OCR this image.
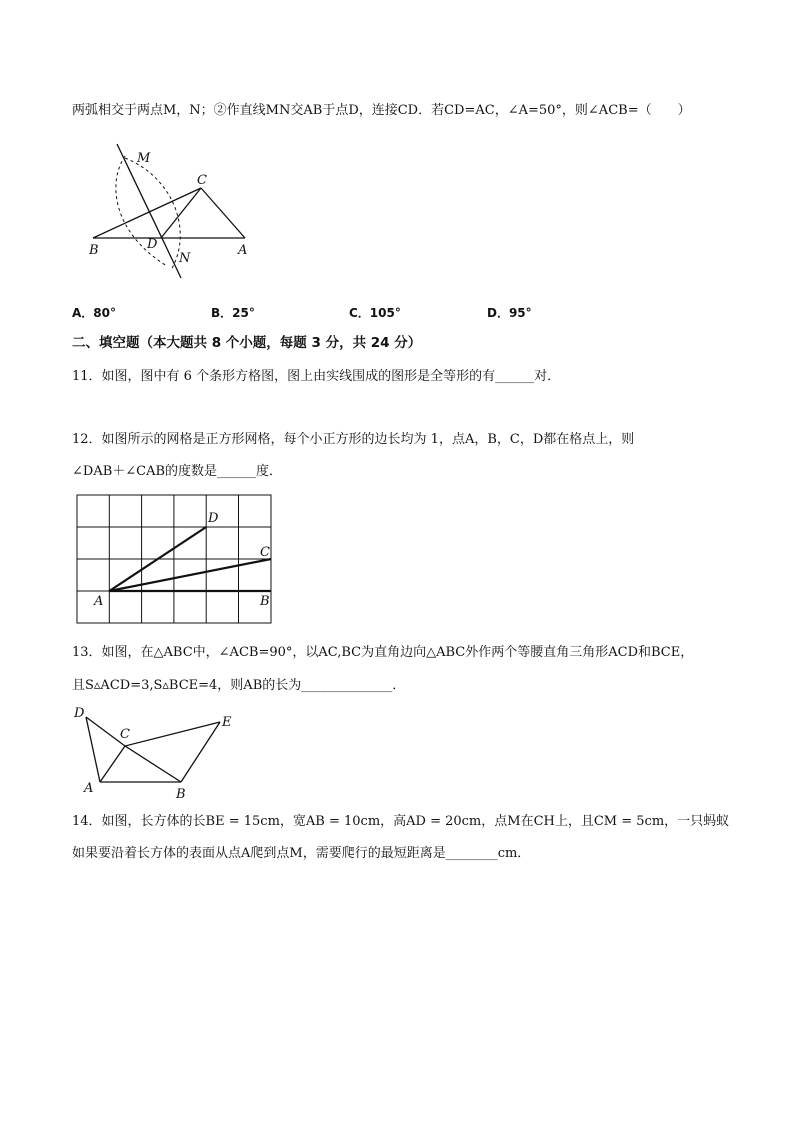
两弧相交于两点M，N；②作直线MN交AB于点D，连接CD．若CD=AC，∠A=50°，则∠ACB=（　　）
M
C
B	D	A
N
A．80°	B．25°	C．105°	D．95°
二、填空题（本大题共 8 个小题，每题 3 分，共 24 分）
11．如图，图中有 6 个条形方格图，图上由实线围成的图形是全等形的有______对．
12．如图所示的网格是正方形网格，每个小正方形的边长均为 1，点A，B，C，D都在格点上，则
∠DAB＋∠CAB的度数是______度．
D
C
A	B
13．如图，在△ABC中，∠ACB=90°，以AC,BC为直角边向△ABC外作两个等腰直角三角形ACD和BCE，
且S▵ACD=3,S▵BCE=4，则AB的长为______________．
D
C
E
A	B
14．如图，长方体的长BE = 15cm，宽AB = 10cm，高AD = 20cm，点M在CH上，且CM = 5cm，一只蚂蚁
如果要沿着长方体的表面从点A爬到点M，需要爬行的最短距离是________cm．
